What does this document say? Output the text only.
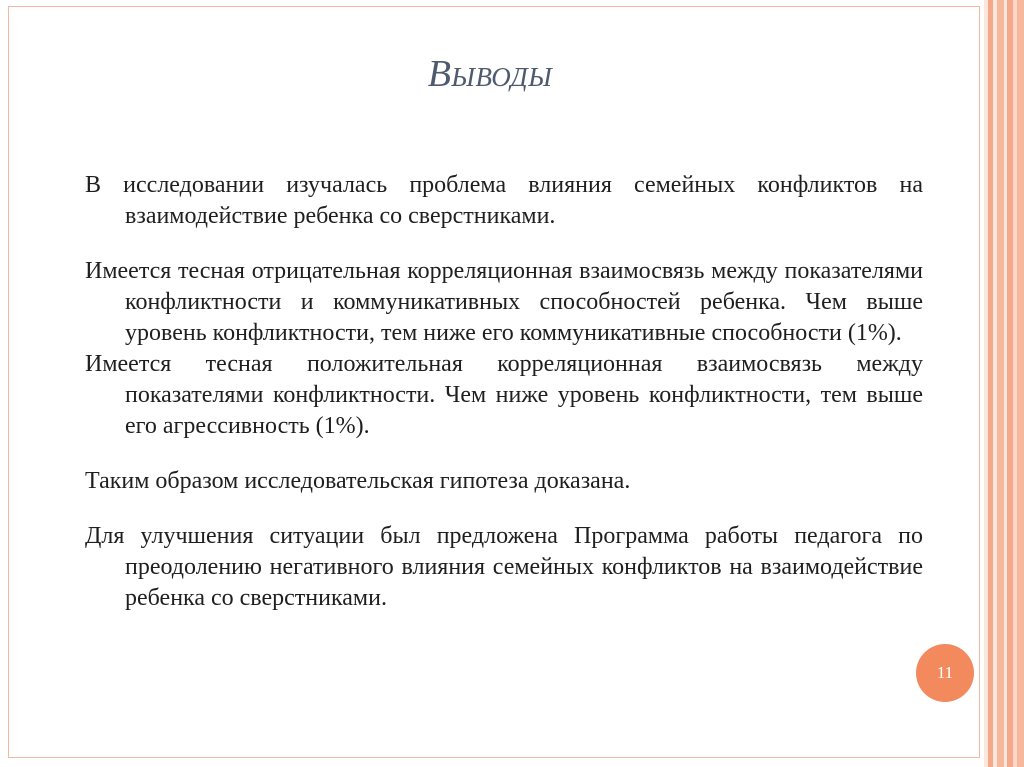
Выводы

В исследовании изучалась проблема влияния семейных конфликтов на взаимодействие ребенка со сверстниками.

Имеется тесная отрицательная корреляционная взаимосвязь между показателями конфликтности и коммуникативных способностей ребенка. Чем выше уровень конфликтности, тем ниже его коммуникативные способности (1%).

Имеется тесная положительная корреляционная взаимосвязь между показателями конфликтности. Чем ниже уровень конфликтности, тем выше его агрессивность (1%).

Таким образом исследовательская гипотеза доказана.

Для улучшения ситуации был предложена Программа работы педагога по преодолению негативного влияния семейных конфликтов на взаимодействие ребенка со сверстниками.

11
